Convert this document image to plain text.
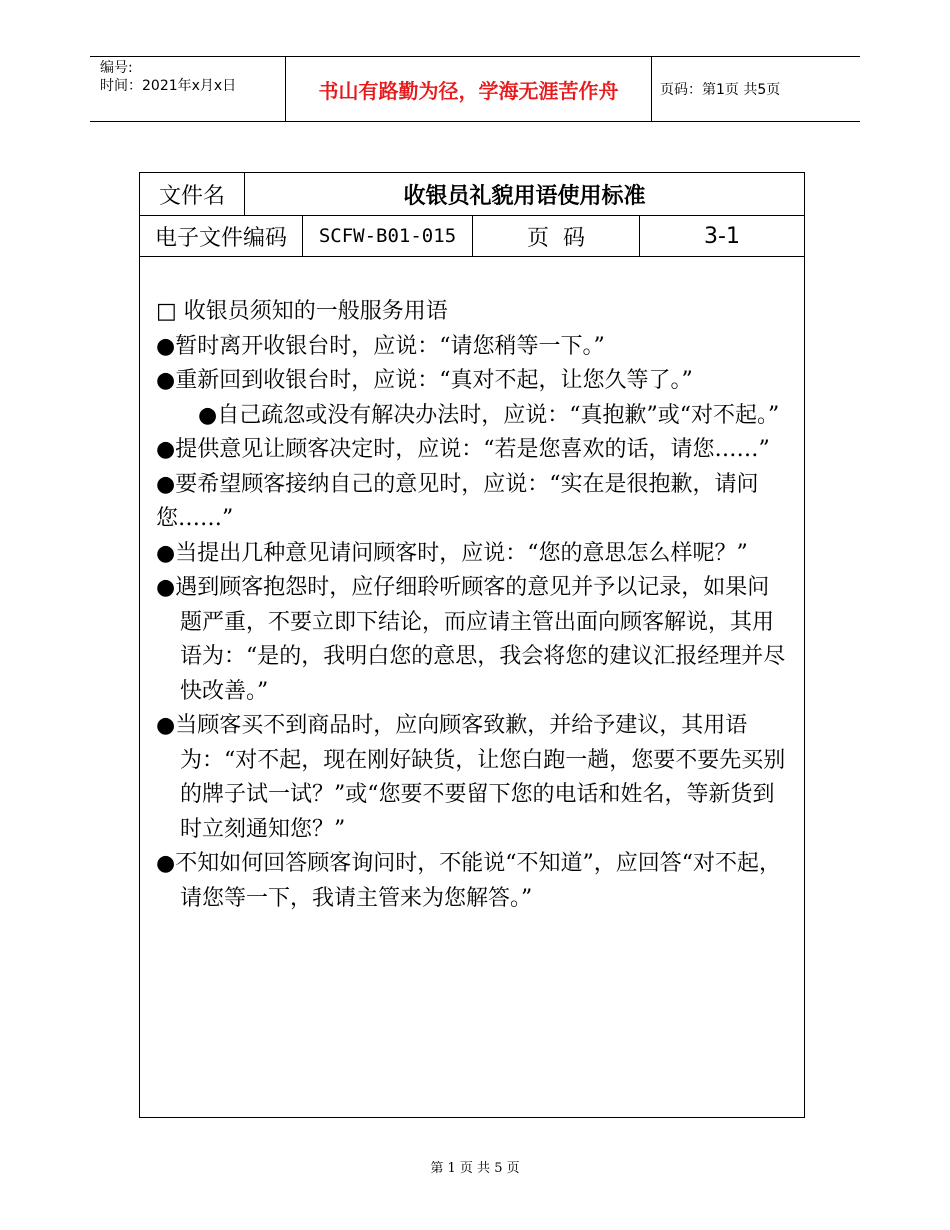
编号:
时间：2021年x月x日	书山有路勤为径，学海无涯苦作舟	页码：第1页 共5页
文件名	收银员礼貌用语使用标准
电子文件编码	SCFW-B01-015	页  码	3-1

□ 收银员须知的一般服务用语

●暂时离开收银台时，应说：“请您稍等一下。”

●重新回到收银台时，应说：“真对不起，让您久等了。”

●自己疏忽或没有解决办法时，应说：“真抱歉”或“对不起。”

●提供意见让顾客决定时，应说：“若是您喜欢的话，请您……”

●要希望顾客接纳自己的意见时，应说：“实在是很抱歉，请问您……”

●当提出几种意见请问顾客时，应说：“您的意思怎么样呢？”

●遇到顾客抱怨时，应仔细聆听顾客的意见并予以记录，如果问题严重，不要立即下结论，而应请主管出面向顾客解说，其用语为：“是的，我明白您的意思，我会将您的建议汇报经理并尽快改善。”

●当顾客买不到商品时，应向顾客致歉，并给予建议，其用语为：“对不起，现在刚好缺货，让您白跑一趟，您要不要先买别的牌子试一试？”或“您要不要留下您的电话和姓名，等新货到时立刻通知您？”

●不知如何回答顾客询问时，不能说“不知道”，应回答“对不起，请您等一下，我请主管来为您解答。”

第 1 页 共 5 页
